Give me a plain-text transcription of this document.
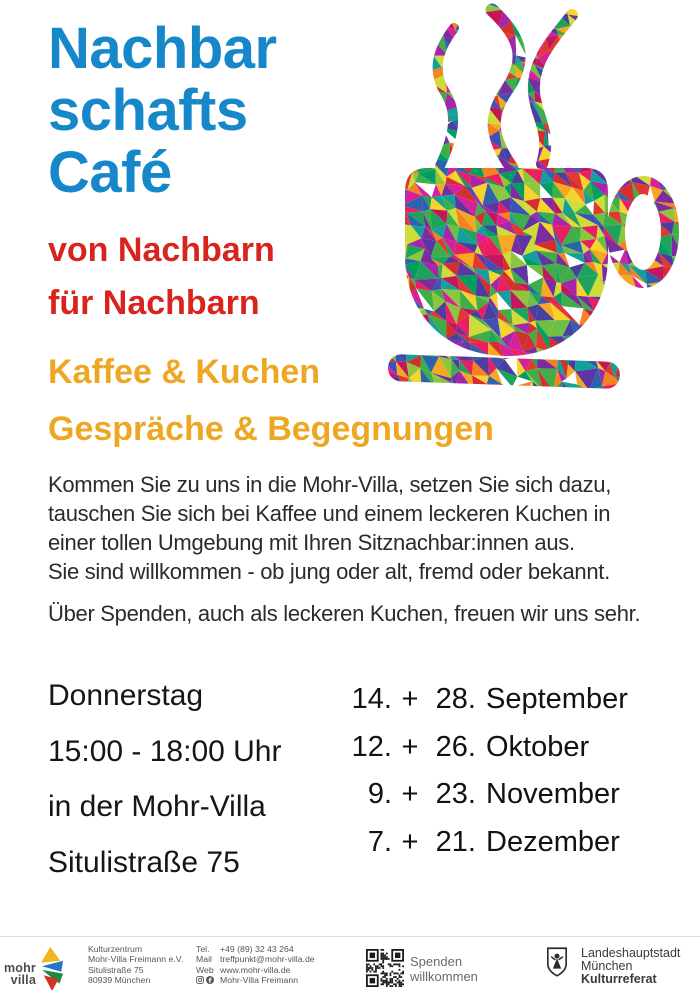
Nachbar
schafts
Café
von Nachbarn
für Nachbarn
Kaffee & Kuchen
Gespräche & Begegnungen
Kommen Sie zu uns in die Mohr-Villa, setzen Sie sich dazu,
tauschen Sie sich bei Kaffee und einem leckeren Kuchen in
einer tollen Umgebung mit Ihren Sitznachbar:innen aus.
Sie sind willkommen - ob jung oder alt, fremd oder bekannt.
Über Spenden, auch als leckeren Kuchen, freuen wir uns sehr.
Donnerstag
15:00 - 18:00 Uhr
in der Mohr-Villa
Situlistraße 75
14. + 28. September
12. + 26. Oktober
9. + 23. November
7. + 21. Dezember
mohr
villa
Kulturzentrum
Mohr-Villa Freimann e.V.
Situlistraße 75
80939 München
Tel.	+49 (89) 32 43 264
Mail treffpunkt@mohr-villa.de
Web www.mohr-villa.de
Mohr-Villa Freimann
Spenden
willkommen
Landeshauptstadt
München
Kulturreferat
